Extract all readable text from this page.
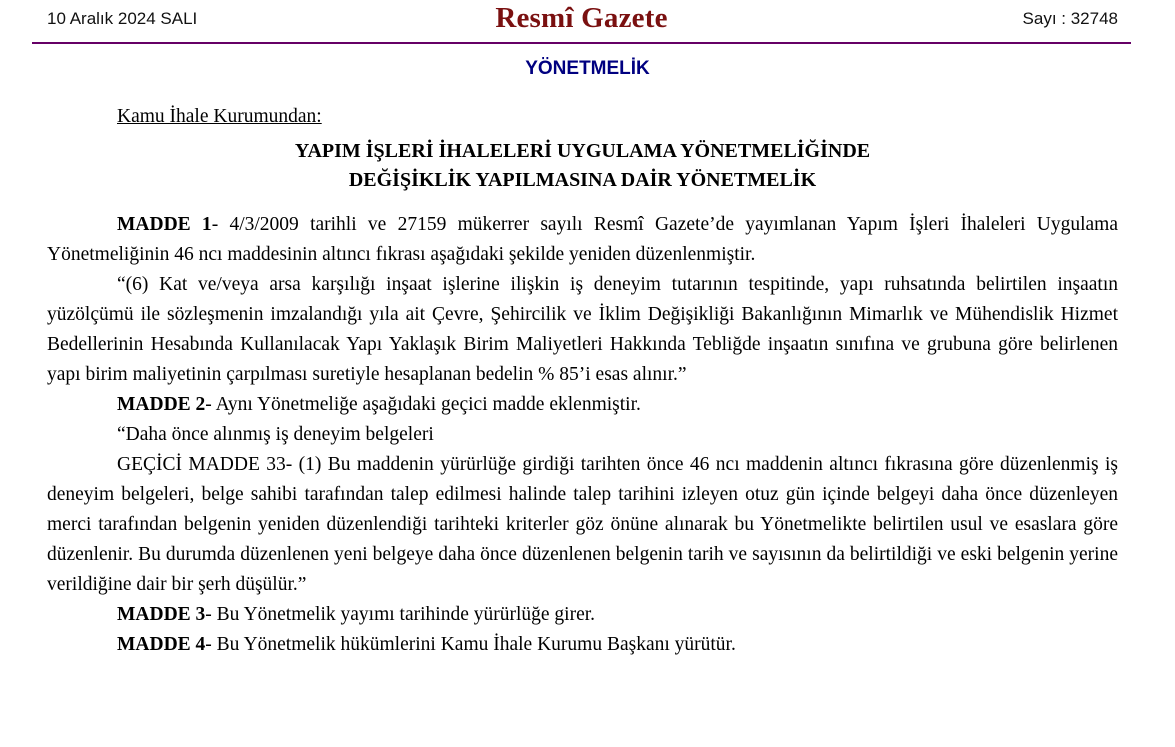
10 Aralık 2024 SALI	Resmî Gazete	Sayı : 32748
YÖNETMELİK
Kamu İhale Kurumundan:
YAPIM İŞLERİ İHALELERİ UYGULAMA YÖNETMELİĞİNDE
DEĞİŞİKLİK YAPILMASINA DAİR YÖNETMELİK

MADDE 1- 4/3/2009 tarihli ve 27159 mükerrer sayılı Resmî Gazete’de yayımlanan Yapım İşleri İhaleleri Uygulama Yönetmeliğinin 46 ncı maddesinin altıncı fıkrası aşağıdaki şekilde yeniden düzenlenmiştir.

“(6) Kat ve/veya arsa karşılığı inşaat işlerine ilişkin iş deneyim tutarının tespitinde, yapı ruhsatında belirtilen inşaatın yüzölçümü ile sözleşmenin imzalandığı yıla ait Çevre, Şehircilik ve İklim Değişikliği Bakanlığının Mimarlık ve Mühendislik Hizmet Bedellerinin Hesabında Kullanılacak Yapı Yaklaşık Birim Maliyetleri Hakkında Tebliğde inşaatın sınıfına ve grubuna göre belirlenen yapı birim maliyetinin çarpılması suretiyle hesaplanan bedelin % 85’i esas alınır.”

MADDE 2- Aynı Yönetmeliğe aşağıdaki geçici madde eklenmiştir.

“Daha önce alınmış iş deneyim belgeleri

GEÇİCİ MADDE 33- (1) Bu maddenin yürürlüğe girdiği tarihten önce 46 ncı maddenin altıncı fıkrasına göre düzenlenmiş iş deneyim belgeleri, belge sahibi tarafından talep edilmesi halinde talep tarihini izleyen otuz gün içinde belgeyi daha önce düzenleyen merci tarafından belgenin yeniden düzenlendiği tarihteki kriterler göz önüne alınarak bu Yönetmelikte belirtilen usul ve esaslara göre düzenlenir. Bu durumda düzenlenen yeni belgeye daha önce düzenlenen belgenin tarih ve sayısının da belirtildiği ve eski belgenin yerine verildiğine dair bir şerh düşülür.”

MADDE 3- Bu Yönetmelik yayımı tarihinde yürürlüğe girer.

MADDE 4- Bu Yönetmelik hükümlerini Kamu İhale Kurumu Başkanı yürütür.
